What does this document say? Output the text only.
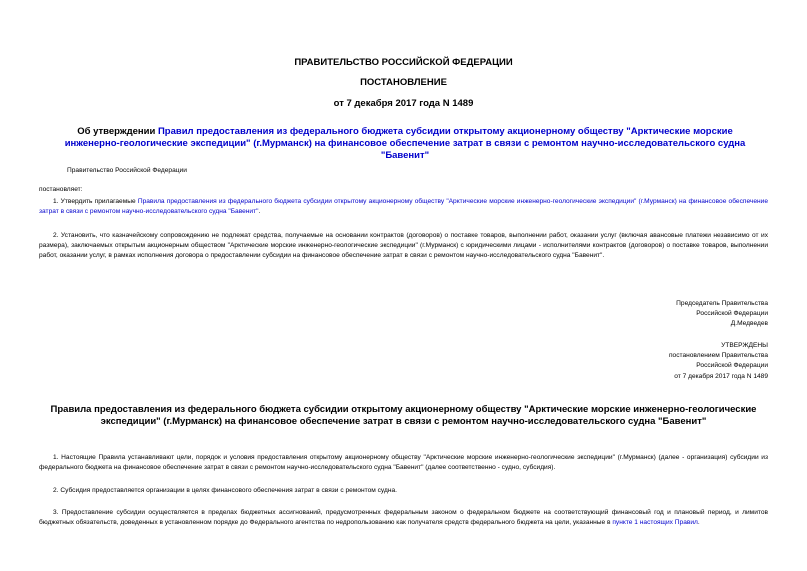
ПРАВИТЕЛЬСТВО РОССИЙСКОЙ ФЕДЕРАЦИИ
ПОСТАНОВЛЕНИЕ
от 7 декабря 2017 года N 1489

Об утверждении Правил предоставления из федерального бюджета субсидии открытому акционерному обществу "Арктические морские инженерно-геологические экспедиции" (г.Мурманск) на финансовое обеспечение затрат в связи с ремонтом научно-исследовательского судна "Бавенит"

Правительство Российской Федерации
постановляет:

1. Утвердить прилагаемые Правила предоставления из федерального бюджета субсидии открытому акционерному обществу "Арктические морские инженерно-геологические экспедиции" (г.Мурманск) на финансовое обеспечение затрат в связи с ремонтом научно-исследовательского судна "Бавенит".

2. Установить, что казначейскому сопровождению не подлежат средства, получаемые на основании контрактов (договоров) о поставке товаров, выполнении работ, оказании услуг (включая авансовые платежи независимо от их размера), заключаемых открытым акционерным обществом "Арктические морские инженерно-геологические экспедиции" (г.Мурманск) с юридическими лицами - исполнителями контрактов (договоров) о поставке товаров, выполнении работ, оказании услуг, в рамках исполнения договора о предоставлении субсидии на финансовое обеспечение затрат в связи с ремонтом научно-исследовательского судна "Бавенит".

Председатель Правительства
Российской Федерации
Д.Медведев
УТВЕРЖДЕНЫ
постановлением Правительства
Российской Федерации
от 7 декабря 2017 года N 1489

Правила предоставления из федерального бюджета субсидии открытому акционерному обществу "Арктические морские инженерно-геологические экспедиции" (г.Мурманск) на финансовое обеспечение затрат в связи с ремонтом научно-исследовательского судна "Бавенит"

1. Настоящие Правила устанавливают цели, порядок и условия предоставления открытому акционерному обществу "Арктические морские инженерно-геологические экспедиции" (г.Мурманск) (далее - организация) субсидии из федерального бюджета на финансовое обеспечение затрат в связи с ремонтом научно-исследовательского судна "Бавенит" (далее соответственно - судно, субсидия).

2. Субсидия предоставляется организации в целях финансового обеспечения затрат в связи с ремонтом судна.

3. Предоставление субсидии осуществляется в пределах бюджетных ассигнований, предусмотренных федеральным законом о федеральном бюджете на соответствующий финансовый год и плановый период, и лимитов бюджетных обязательств, доведенных в установленном порядке до Федерального агентства по недропользованию как получателя средств федерального бюджета на цели, указанные в пункте 1 настоящих Правил.
